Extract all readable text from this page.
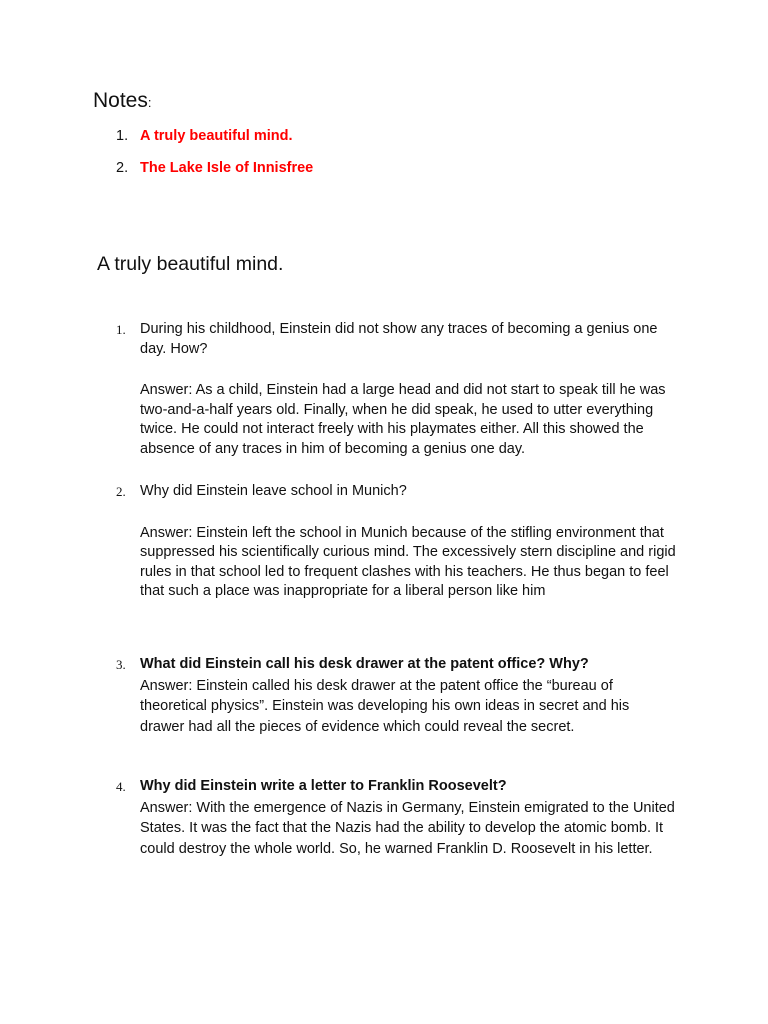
Notes:
1. A truly beautiful mind.
2. The Lake Isle of Innisfree
A truly beautiful mind.
1. During his childhood, Einstein did not show any traces of becoming a genius one day. How?
Answer: As a child, Einstein had a large head and did not start to speak till he was two-and-a-half years old. Finally, when he did speak, he used to utter everything twice. He could not interact freely with his playmates either. All this showed the absence of any traces in him of becoming a genius one day.
2. Why did Einstein leave school in Munich?
Answer: Einstein left the school in Munich because of the stifling environment that suppressed his scientifically curious mind. The excessively stern discipline and rigid rules in that school led to frequent clashes with his teachers. He thus began to feel that such a place was inappropriate for a liberal person like him
3. What did Einstein call his desk drawer at the patent office? Why?
Answer: Einstein called his desk drawer at the patent office the “bureau of theoretical physics”. Einstein was developing his own ideas in secret and his drawer had all the pieces of evidence which could reveal the secret.
4. Why did Einstein write a letter to Franklin Roosevelt?
Answer: With the emergence of Nazis in Germany, Einstein emigrated to the United States. It was the fact that the Nazis had the ability to develop the atomic bomb. It could destroy the whole world. So, he warned Franklin D. Roosevelt in his letter.
